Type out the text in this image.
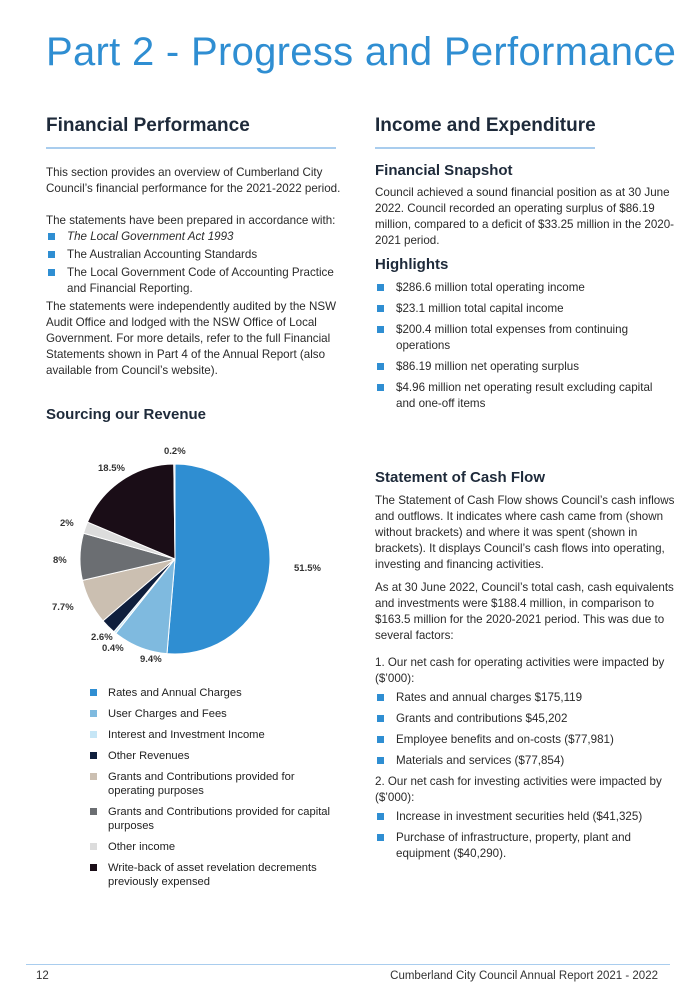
Part 2 - Progress and Performance
Financial Performance

This section provides an overview of Cumberland City Council’s financial performance for the 2021-2022 period.

The statements have been prepared in accordance with:

The Local Government Act 1993
The Australian Accounting Standards
The Local Government Code of Accounting Practice and Financial Reporting.

The statements were independently audited by the NSW Audit Office and lodged with the NSW Office of Local Government. For more details, refer to the full Financial Statements shown in Part 4 of the Annual Report (also available from Council’s website).

Sourcing our Revenue
51.5%
9.4%
0.4%
2.6%
7.7%
8%
2%
18.5%
0.2%
Rates and Annual Charges
User Charges and Fees
Interest and Investment Income
Other Revenues
Grants and Contributions provided for operating purposes
Grants and Contributions provided for capital purposes
Other income
Write-back of asset revelation decrements previously expensed
Income and Expenditure
Financial Snapshot
Council achieved a sound financial position as at 30 June 2022. Council recorded an operating surplus of $86.19 million, compared to a deficit of $33.25 million in the 2020-2021 period.
Highlights
$286.6 million total operating income
$23.1 million total capital income
$200.4 million total expenses from continuing operations
$86.19 million net operating surplus
$4.96 million net operating result excluding capital and one-off items
Statement of Cash Flow

The Statement of Cash Flow shows Council’s cash inflows and outflows. It indicates where cash came from (shown without brackets) and where it was spent (shown in brackets). It displays Council’s cash flows into operating, investing and financing activities.

As at 30 June 2022, Council’s total cash, cash equivalents and investments were $188.4 million, in comparison to $163.5 million for the 2020-2021 period. This was due to several factors:

1. Our net cash for operating activities were impacted by ($’000):

Rates and annual charges $175,119
Grants and contributions $45,202
Employee benefits and on-costs ($77,981)
Materials and services ($77,854)

2. Our net cash for investing activities were impacted by ($’000):

Increase in investment securities held ($41,325)
Purchase of infrastructure, property, plant and equipment ($40,290).
12	Cumberland City Council Annual Report 2021 - 2022
